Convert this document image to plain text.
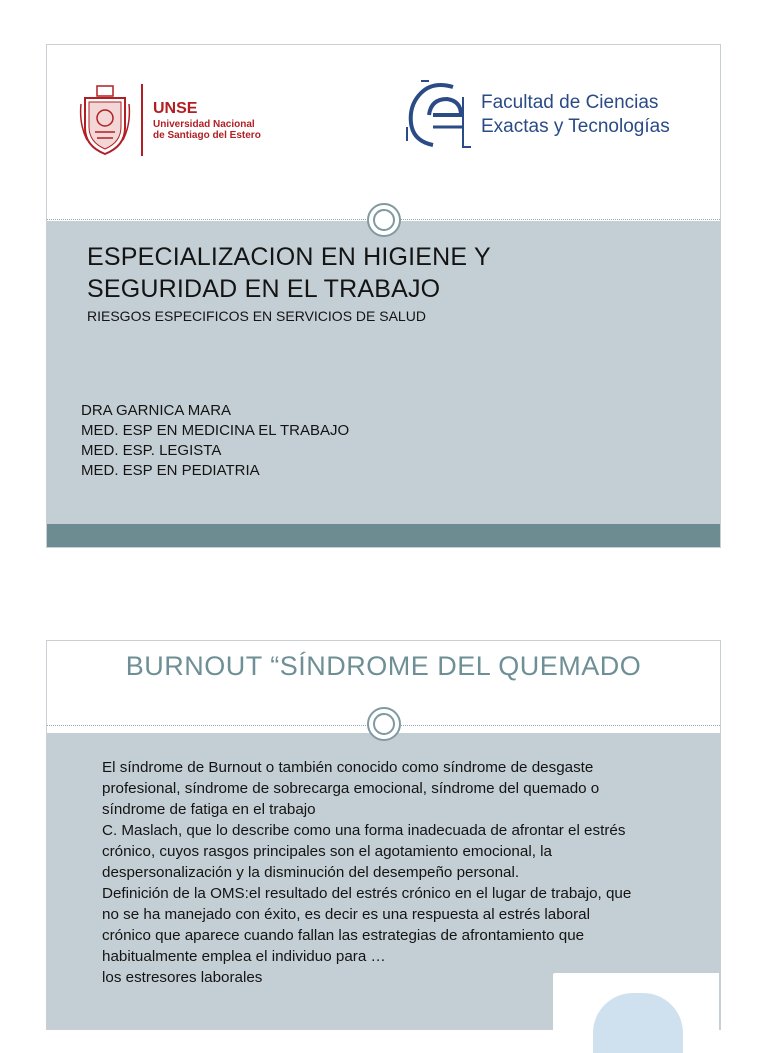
UNSE
Universidad Nacional
de Santiago del Estero
Facultad de Ciencias
Exactas y Tecnologías
ESPECIALIZACION EN HIGIENE Y
SEGURIDAD EN EL TRABAJO
RIESGOS ESPECIFICOS EN SERVICIOS DE SALUD
DRA GARNICA MARA
MED. ESP EN MEDICINA EL TRABAJO
MED. ESP. LEGISTA
MED. ESP EN PEDIATRIA
BURNOUT “SÍNDROME DEL QUEMADO

El síndrome de Burnout o también conocido como síndrome de desgaste profesional, síndrome de sobrecarga emocional, síndrome del quemado o síndrome de fatiga en el trabajo

C. Maslach, que lo describe como una forma inadecuada de afrontar el estrés crónico, cuyos rasgos principales son el agotamiento emocional, la despersonalización y la disminución del desempeño personal.

Definición de la OMS:el resultado del estrés crónico en el lugar de trabajo, que no se ha manejado con éxito, es decir es una respuesta al estrés laboral crónico que aparece cuando fallan las estrategias de afrontamiento que habitualmente emplea el individuo para …

los estresores laborales
